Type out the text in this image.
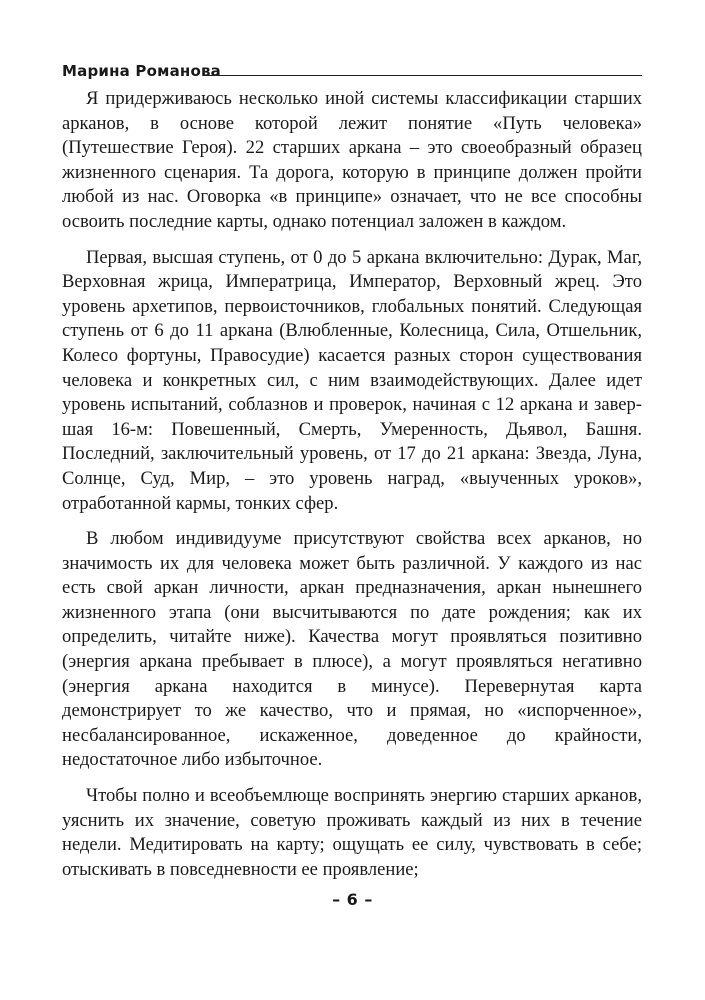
Марина Романова

Я придерживаюсь несколько иной системы классификации старших арканов, в основе которой лежит понятие «Путь человека» (Путешествие Героя). 22 старших аркана – это своеобразный образец жизненного сценария. Та дорога, которую в принципе должен пройти любой из нас. Оговорка «в принципе» означает, что не все способны освоить последние карты, однако потенциал заложен в каждом.

Первая, высшая ступень, от 0 до 5 аркана включительно: Дурак, Маг, Верховная жрица, Императрица, Император, Верховный жрец. Это уровень архетипов, первоисточников, глобальных понятий. Следующая ступень от 6 до 11 аркана (Влюбленные, Колесница, Сила, Отшельник, Колесо фортуны, Правосудие) касается разных сторон существования человека и конкретных сил, с ним взаимодействующих. Далее идет уровень испытаний, соблазнов и проверок, начиная с 12 аркана и завершая 16-м: Повешенный, Смерть, Умеренность, Дьявол, Башня. Последний, заключительный уровень, от 17 до 21 аркана: Звезда, Луна, Солнце, Суд, Мир, – это уровень наград, «выученных уроков», отработанной кармы, тонких сфер.

В любом индивидууме присутствуют свойства всех арканов, но значимость их для человека может быть различной. У каждого из нас есть свой аркан личности, аркан предназначения, аркан нынешнего жизненного этапа (они высчитываются по дате рождения; как их определить, читайте ниже). Качества могут проявляться позитивно (энергия аркана пребывает в плюсе), а могут проявляться негативно (энергия аркана находится в минусе). Перевернутая карта демонстрирует то же качество, что и прямая, но «испорченное», несбалансированное, искаженное, доведенное до крайности, недостаточное либо избыточное.

Чтобы полно и всеобъемлюще воспринять энергию старших арканов, уяснить их значение, советую проживать каждый из них в течение недели. Медитировать на карту; ощущать ее силу, чувствовать в себе; отыскивать в повседневности ее проявление;

– 6 –
